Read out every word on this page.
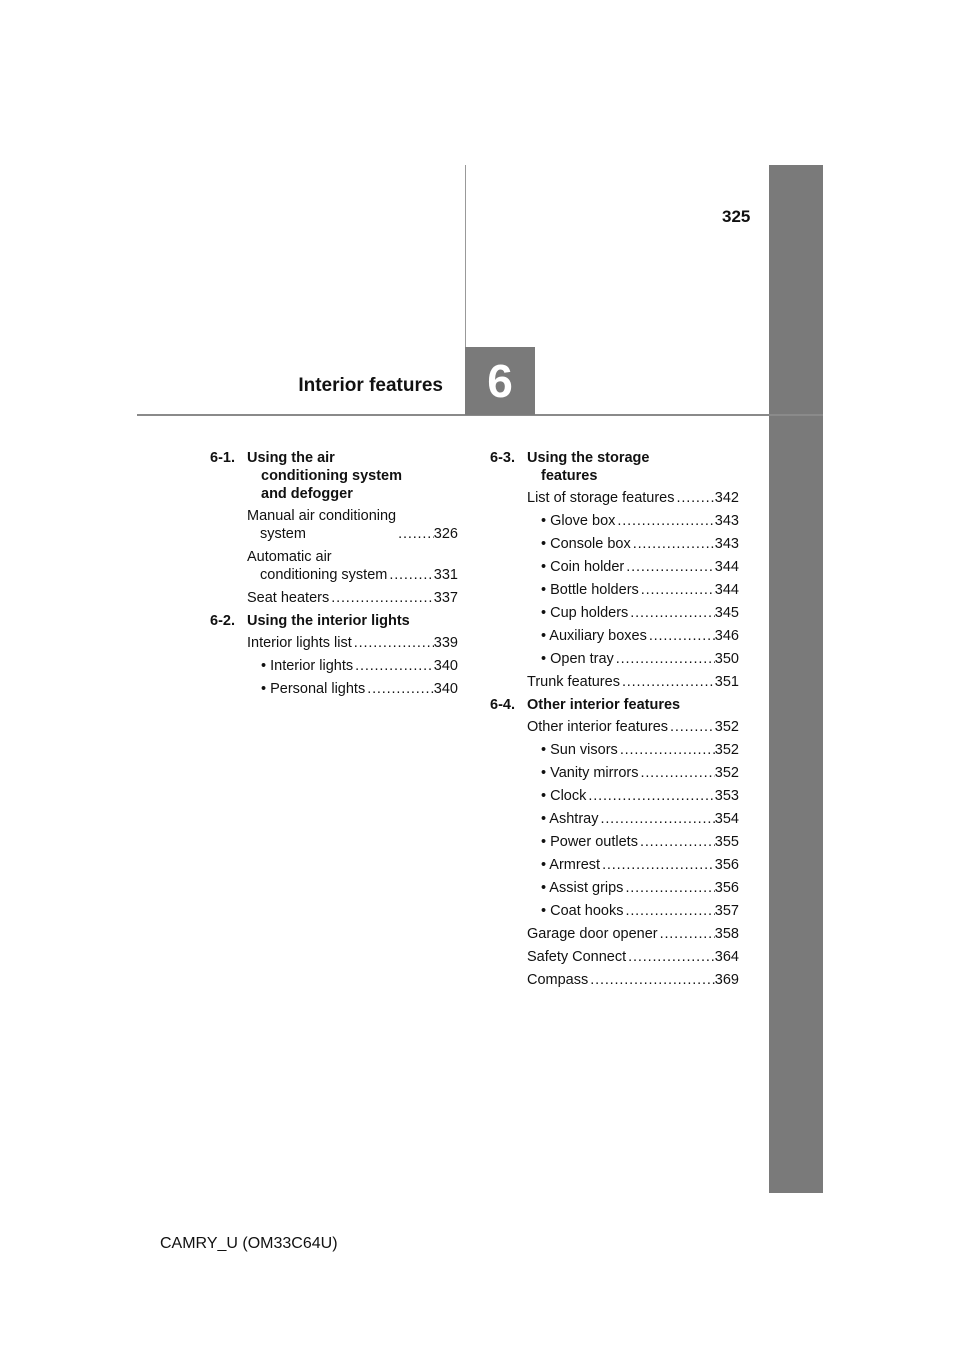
325
Interior features 6
6-1. Using the air
conditioning system
and defogger
Manual air conditioning
system . . .	326
Automatic air
conditioning system . . .	331
Seat heaters . . .	337
6-2. Using the interior lights
Interior lights list . . .	339
• Interior lights . . .	340
• Personal lights . . .	340
6-3. Using the storage
features
List of storage features . . .	342
• Glove box . . .	343
• Console box . . .	343
• Coin holder . . .	344
• Bottle holders . . .	344
• Cup holders . . .	345
• Auxiliary boxes . . .	346
• Open tray . . .	350
Trunk features . . .	351
6-4. Other interior features
Other interior features . . .	352
• Sun visors . . .	352
• Vanity mirrors . . .	352
• Clock . . .	353
• Ashtray . . .	354
• Power outlets . . .	355
• Armrest . . .	356
• Assist grips . . .	356
• Coat hooks . . .	357
Garage door opener . . .	358
Safety Connect . . .	364
Compass . . .	369
CAMRY_U (OM33C64U)
